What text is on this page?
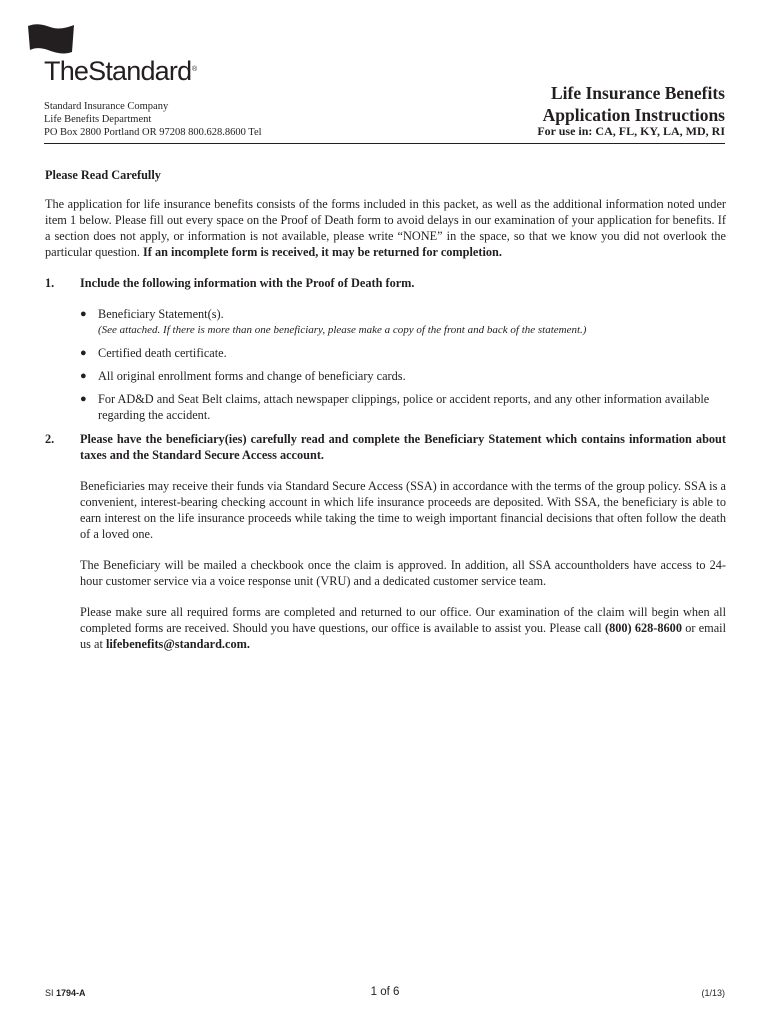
TheStandard ®
Standard Insurance Company
Life Benefits Department
PO Box 2800 Portland OR 97208 800.628.8600 Tel
Life Insurance Benefits
Application Instructions
For use in: CA, FL, KY, LA, MD, RI

Please Read Carefully

The application for life insurance benefits consists of the forms included in this packet, as well as the additional information noted under item 1 below. Please fill out every space on the Proof of Death form to avoid delays in our examination of your application for benefits. If a section does not apply, or information is not available, please write “NONE” in the space, so that we know you did not overlook the particular question. If an incomplete form is received, it may be returned for completion.

1. Include the following information with the Proof of Death form.
● Beneficiary Statement(s).
(See attached. If there is more than one beneficiary, please make a copy of the front and back of the statement.)
● Certified death certificate.
● All original enrollment forms and change of beneficiary cards.
● For AD&D and Seat Belt claims, attach newspaper clippings, police or accident reports, and any other information available regarding the accident.
2. Please have the beneficiary(ies) carefully read and complete the Beneficiary Statement which contains information about taxes and the Standard Secure Access account.
Beneficiaries may receive their funds via Standard Secure Access (SSA) in accordance with the terms of the group policy. SSA is a convenient, interest-bearing checking account in which life insurance proceeds are deposited. With SSA, the beneficiary is able to earn interest on the life insurance proceeds while taking the time to weigh important financial decisions that often follow the death of a loved one.
The Beneficiary will be mailed a checkbook once the claim is approved. In addition, all SSA accountholders have access to 24-hour customer service via a voice response unit (VRU) and a dedicated customer service team.
Please make sure all required forms are completed and returned to our office. Our examination of the claim will begin when all completed forms are received. Should you have questions, our office is available to assist you. Please call (800) 628-8600 or email us at lifebenefits@standard.com.
SI 1794-A	1 of 6	(1/13)
